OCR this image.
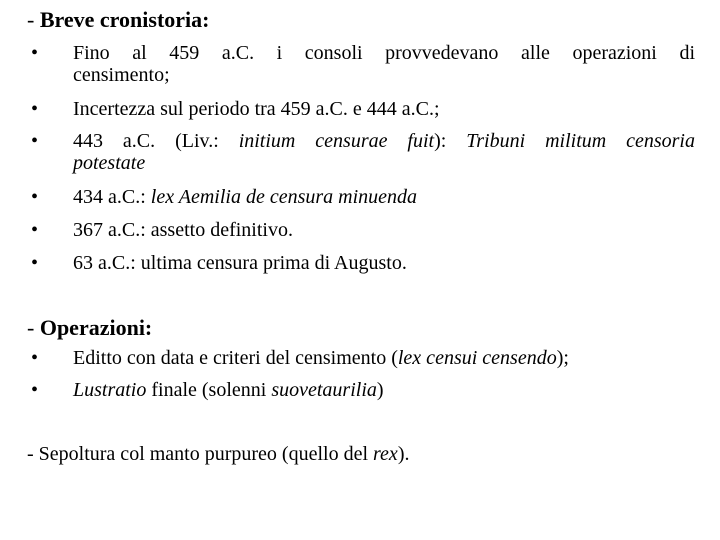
- Breve cronistoria:
• Fino al 459 a.C. i consoli provvedevano alle operazioni di
censimento;
• Incertezza sul periodo tra 459 a.C. e 444 a.C.;
• 443 a.C. (Liv.: initium censurae fuit): Tribuni militum censoria
potestate
• 434 a.C.: lex Aemilia de censura minuenda
• 367 a.C.: assetto definitivo.
• 63 a.C.: ultima censura prima di Augusto.
- Operazioni:
• Editto con data e criteri del censimento (lex censui censendo);
• Lustratio finale (solenni suovetaurilia)
- Sepoltura col manto purpureo (quello del rex).
